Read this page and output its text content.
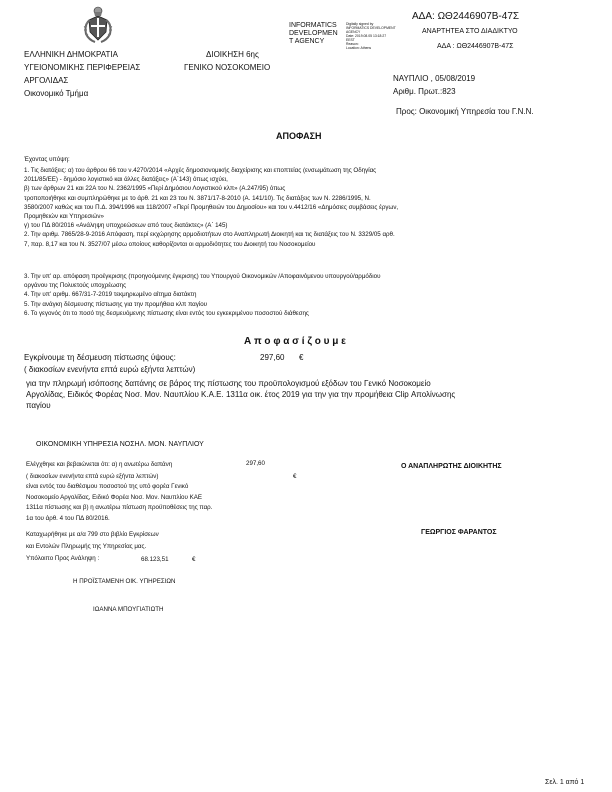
INFORMATICS
DEVELOPMEN
T AGENCY
Digitally signed by
INFORMATICS DEVELOPMENT
AGENCY
Date: 2019.08.05 13:18:27
EEST
Reason:
Location: Athens
ΑΔΑ: ΩΘ2446907Β-47Σ
ΑΝΑΡΤΗΤΕΑ ΣΤΟ ΔΙΑΔΙΚΤΥΟ
ΑΔΑ : ΩΘ2446907Β-47Σ
ΕΛΛΗΝΙΚΗ ΔΗΜΟΚΡΑΤΙΑ
ΥΓΕΙΟΝΟΜΙΚΗΣ ΠΕΡΙΦΕΡΕΙΑΣ
ΑΡΓΟΛΙΔΑΣ
Οικονομικό Τμήμα
ΔΙΟΙΚΗΣΗ 6ης
ΓΕΝΙΚΟ ΝΟΣΟΚΟΜΕΙΟ
ΝΑΥΠΛΙΟ , 05/08/2019
Αριθμ. Πρωτ.:823
Προς: Οικονομική Υπηρεσία του Γ.Ν.Ν.
ΑΠΟΦΑΣΗ
Έχοντας υπόψη:
1. Τις διατάξεις: α) του άρθρου 66 του ν.4270/2014 «Αρχές δημοσιονομικής διαχείρισης και εποπτείας (ενσωμάτωση της Οδηγίας
2011/85/ΕΕ) - δημόσιο λογιστικό και άλλες διατάξεις» (Α΄143) όπως ισχύει,
β) των άρθρων 21 και 22Α του Ν. 2362/1995 «Περί Δημόσιου Λογιστικού κλπ» (Α.247/95) όπως
τροποποιήθηκε και συμπληρώθηκε με το άρθ. 21 και 23 του Ν. 3871/17-8-2010 (Α. 141/10). Τις διατάξεις των Ν. 2286/1995, Ν.
3580/2007 καθώς και του Π.Δ. 394/1996 και 118/2007 «Περί Προμηθειών του Δημοσίου» και του ν.4412/16 «Δημόσιες συμβάσεις έργων,
Προμηθειών και Υπηρεσιών»
γ) του ΠΔ 80/2016 «Ανάληψη υποχρεώσεων από τους διατάκτες» (Α΄ 145)
2. Την αριθμ. 7865/28-9-2016 Απόφαση, περί εκχώρησης αρμοδιοτήτων στο Αναπληρωτή Διοικητή και τις διατάξεις του Ν. 3329/05 αρθ.
7, παρ. 8,17 και του Ν. 3527/07 μέσω οποίους καθορίζονται οι αρμοδιότητες του Διοικητή του Νοσοκομείου
3. Την υπ' αρ. απόφαση προέγκρισης (προηγούμενης έγκρισης) του Υπουργού Οικονομικών /Αποφαινόμενου υπουργού/αρμόδιου
οργάνου της Πολυετούς υποχρέωσης
4. Την υπ' αριθμ. 667/31-7-2019 τεκμηριωμένο αίτημα διατάκτη
5. Την ανάγκη δέσμευσης πίστωσης για την προμήθεια κλπ παγίου
6. Το γεγονός ότι το ποσό της δεσμευόμενης πίστωσης είναι εντός του εγκεκριμένου ποσοστού διάθεσης
Α π ο φ α σ ί ζ ο υ μ ε
Εγκρίνουμε τη δέσμευση πίστωσης ύψους:	297,60 €
( διακοσίων ενενήντα επτά ευρώ εξήντα λεπτών)
για την πληρωμή ισόποσης δαπάνης σε βάρος της πίστωσης του προϋπολογισμού εξόδων του Γενικό Νοσοκομείο
Αργολίδας, Ειδικός Φορέας Νοσ. Μον. Ναυπλίου Κ.Α.Ε. 1311α οικ. έτος 2019 για την για την προμήθεια Clip Απολίνωσης
παγίου
ΟΙΚΟΝΟΜΙΚΗ ΥΠΗΡΕΣΙΑ ΝΟΣΗΛ. ΜΟΝ. ΝΑΥΠΛΙΟΥ
Ελέγχθηκε και βεβαιώνεται ότι: α) η ανωτέρω δαπάνη	297,60
€
( διακοσίων ενενήντα επτά ευρώ εξήντα λεπτών)
είναι εντός του διαθέσιμου ποσοστού της υπό φορέα Γενικό
Νοσοκομείο Αργολίδας, Ειδικό Φορέα Νοσ. Μον. Ναυπλίου ΚΑΕ
1311α πίστωσης και β) η ανωτέρω πίστωση προϋποθέσεις της παρ.
1α του άρθ. 4 του ΠΔ 80/2016.
Καταχωρήθηκε με α/α 799 στο βιβλίο Εγκρίσεων
και Εντολών Πληρωμής της Υπηρεσίας μας.
Υπόλοιπο Προς Ανάληψη :	68.123,51	€
Η ΠΡΟΪΣΤΑΜΕΝΗ ΟΙΚ. ΥΠΗΡΕΣΙΩΝ
ΙΩΑΝΝΑ ΜΠΟΥΓΙΑΤΙΩΤΗ
Ο ΑΝΑΠΛΗΡΩΤΗΣ ΔΙΟΙΚΗΤΗΣ
ΓΕΩΡΓΙΟΣ ΦΑΡΑΝΤΟΣ
Σελ. 1 από 1
